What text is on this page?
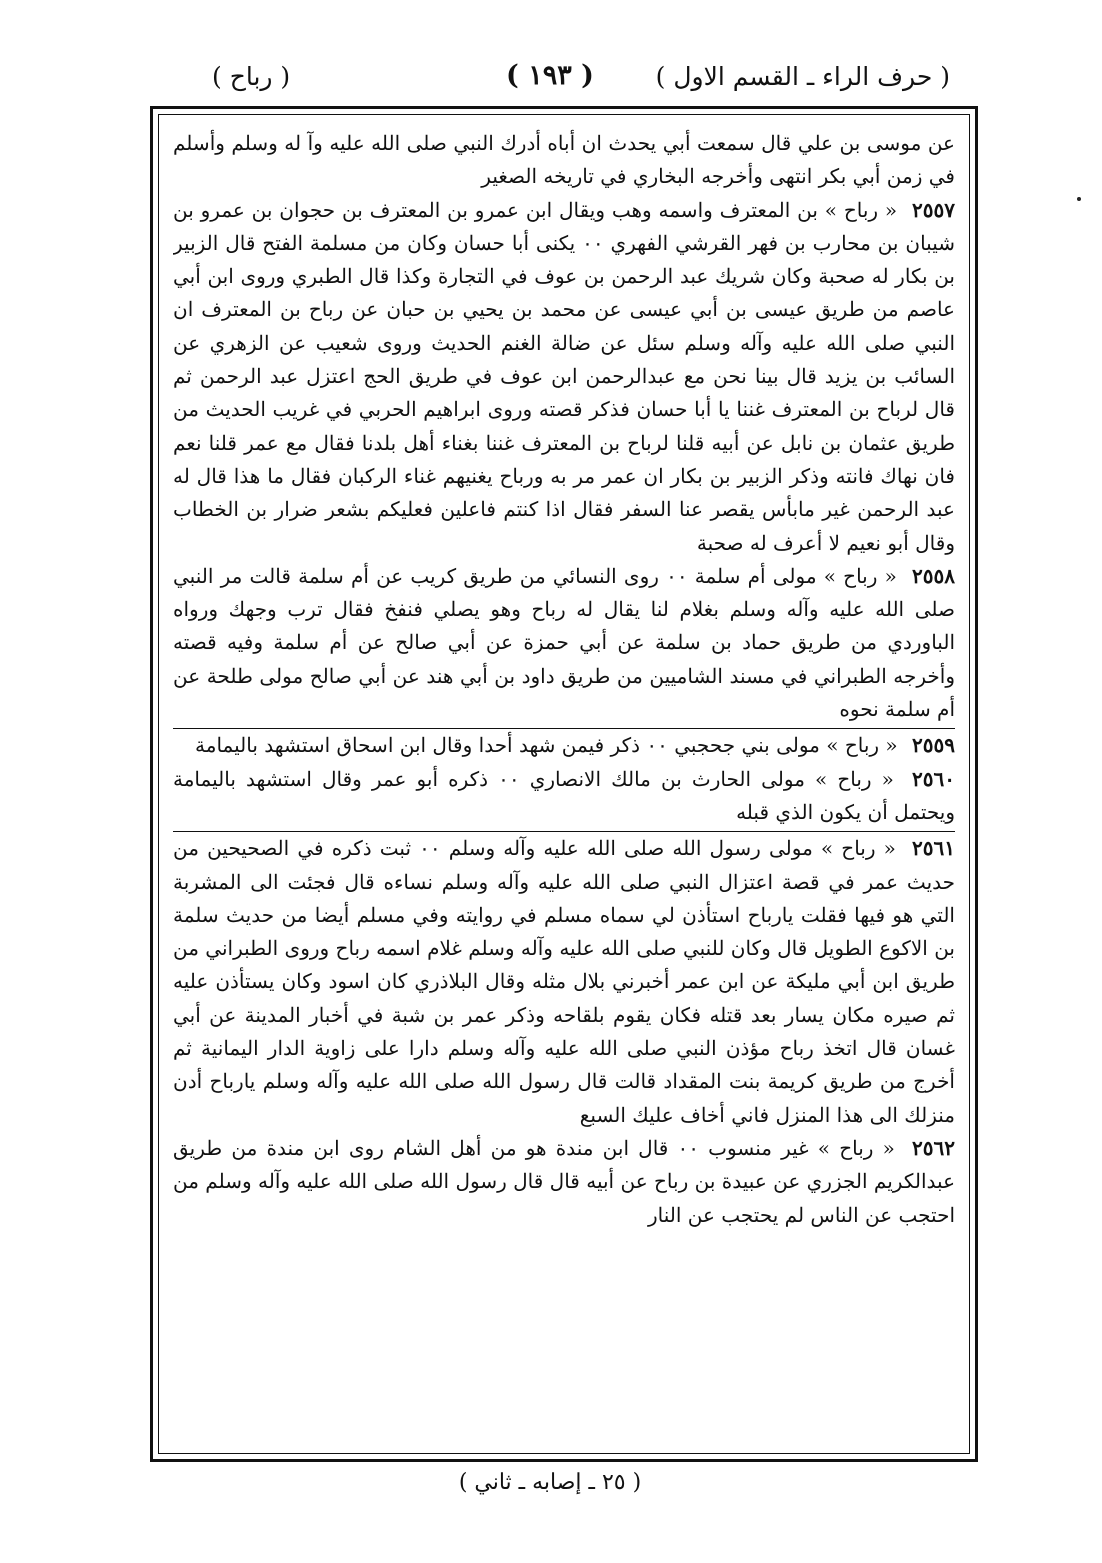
( حرف الراء ـ القسم الاول )
( ١٩٣ )
( رباح )

عن موسى بن علي قال سمعت أبي يحدث ان أباه أدرك النبي صلى الله عليه وآ له وسلم وأسلم في زمن أبي بكر انتهى وأخرجه البخاري في تاريخه الصغير

٢٥٥٧ « رباح » بن المعترف واسمه وهب ويقال ابن عمرو بن المعترف بن حجوان بن عمرو بن شيبان بن محارب بن فهر القرشي الفهري ٠٠ يكنى أبا حسان وكان من مسلمة الفتح قال الزبير بن بكار له صحبة وكان شريك عبد الرحمن بن عوف في التجارة وكذا قال الطبري وروى ابن أبي عاصم من طريق عيسى بن أبي عيسى عن محمد بن يحيي بن حبان عن رباح بن المعترف ان النبي صلى الله عليه وآله وسلم سئل عن ضالة الغنم الحديث وروى شعيب عن الزهري عن السائب بن يزيد قال بينا نحن مع عبدالرحمن ابن عوف في طريق الحج اعتزل عبد الرحمن ثم قال لرباح بن المعترف غننا يا أبا حسان فذكر قصته وروى ابراهيم الحربي في غريب الحديث من طريق عثمان بن نابل عن أبيه قلنا لرباح بن المعترف غننا بغناء أهل بلدنا فقال مع عمر قلنا نعم فان نهاك فانته وذكر الزبير بن بكار ان عمر مر به ورباح يغنيهم غناء الركبان فقال ما هذا قال له عبد الرحمن غير مابأس يقصر عنا السفر فقال اذا كنتم فاعلين فعليكم بشعر ضرار بن الخطاب وقال أبو نعيم لا أعرف له صحبة

٢٥٥٨ « رباح » مولى أم سلمة ٠٠ روى النسائي من طريق كريب عن أم سلمة قالت مر النبي صلى الله عليه وآله وسلم بغلام لنا يقال له رباح وهو يصلي فنفخ فقال ترب وجهك ورواه الباوردي من طريق حماد بن سلمة عن أبي حمزة عن أبي صالح عن أم سلمة وفيه قصته وأخرجه الطبراني في مسند الشاميين من طريق داود بن أبي هند عن أبي صالح مولى طلحة عن أم سلمة نحوه

٢٥٥٩ « رباح » مولى بني جحجبي ٠٠ ذكر فيمن شهد أحدا وقال ابن اسحاق استشهد باليمامة

٢٥٦٠ « رباح » مولى الحارث بن مالك الانصاري ٠٠ ذكره أبو عمر وقال استشهد باليمامة ويحتمل أن يكون الذي قبله

٢٥٦١ « رباح » مولى رسول الله صلى الله عليه وآله وسلم ٠٠ ثبت ذكره في الصحيحين من حديث عمر في قصة اعتزال النبي صلى الله عليه وآله وسلم نساءه قال فجئت الى المشربة التي هو فيها فقلت يارباح استأذن لي سماه مسلم في روايته وفي مسلم أيضا من حديث سلمة بن الاكوع الطويل قال وكان للنبي صلى الله عليه وآله وسلم غلام اسمه رباح وروى الطبراني من طريق ابن أبي مليكة عن ابن عمر أخبرني بلال مثله وقال البلاذري كان اسود وكان يستأذن عليه ثم صيره مكان يسار بعد قتله فكان يقوم بلقاحه وذكر عمر بن شبة في أخبار المدينة عن أبي غسان قال اتخذ رباح مؤذن النبي صلى الله عليه وآله وسلم دارا على زاوية الدار اليمانية ثم أخرج من طريق كريمة بنت المقداد قالت قال رسول الله صلى الله عليه وآله وسلم يارباح أدن منزلك الى هذا المنزل فاني أخاف عليك السبع

٢٥٦٢ « رباح » غير منسوب ٠٠ قال ابن مندة هو من أهل الشام روى ابن مندة من طريق عبدالكريم الجزري عن عبيدة بن رباح عن أبيه قال قال رسول الله صلى الله عليه وآله وسلم من احتجب عن الناس لم يحتجب عن النار

( ٢٥ ـ إصابه ـ ثاني )
